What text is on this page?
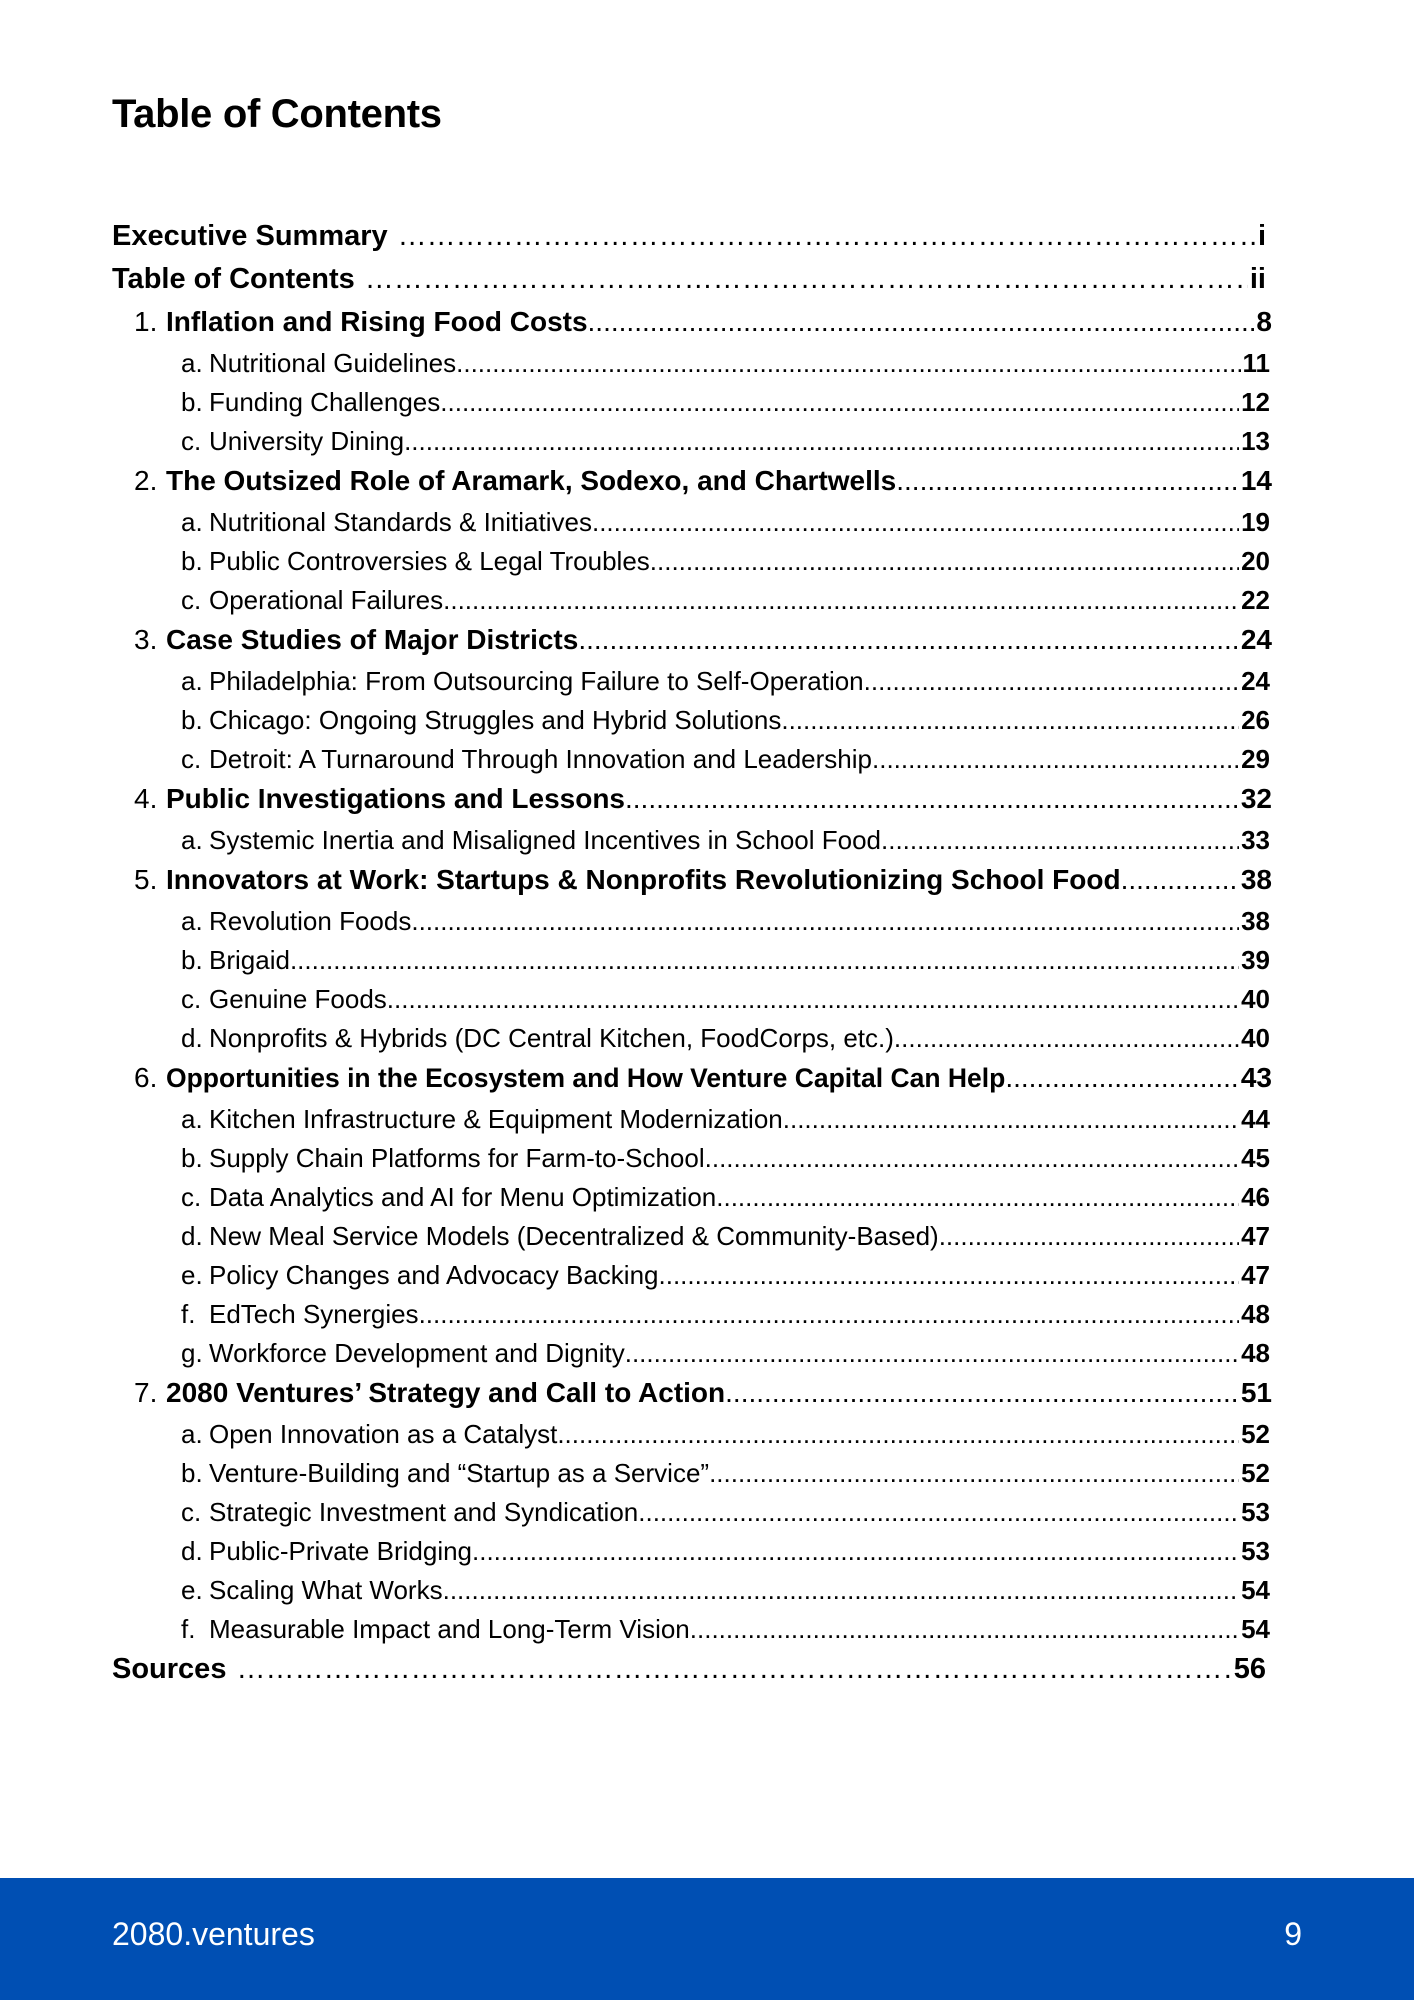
Table of Contents
Executive Summary ……………………………………………………………………………………………………………………………………………………………………………	i
Table of Contents ……………………………………………………………………………………………………………………………………………………………………………	ii
1. Inflation and Rising Food Costs .....	8
a. Nutritional Guidelines .....	11
b. Funding Challenges .....	12
c. University Dining .....	13
2. The Outsized Role of Aramark, Sodexo, and Chartwells .....	14
a. Nutritional Standards & Initiatives .....	19
b. Public Controversies & Legal Troubles .....	20
c. Operational Failures .....	22
3. Case Studies of Major Districts .....	24
a. Philadelphia: From Outsourcing Failure to Self-Operation .....	24
b. Chicago: Ongoing Struggles and Hybrid Solutions .....	26
c. Detroit: A Turnaround Through Innovation and Leadership .....	29
4. Public Investigations and Lessons .....	32
a. Systemic Inertia and Misaligned Incentives in School Food .....	33
5. Innovators at Work: Startups & Nonprofits Revolutionizing School Food .....	38
a. Revolution Foods .....	38
b. Brigaid .....	39
c. Genuine Foods .....	40
d. Nonprofits & Hybrids (DC Central Kitchen, FoodCorps, etc.) .....	40
6. Opportunities in the Ecosystem and How Venture Capital Can Help .....	43
a. Kitchen Infrastructure & Equipment Modernization .....	44
b. Supply Chain Platforms for Farm-to-School .....	45
c. Data Analytics and AI for Menu Optimization .....	46
d. New Meal Service Models (Decentralized & Community-Based) .....	47
e. Policy Changes and Advocacy Backing .....	47
f. EdTech Synergies .....	48
g. Workforce Development and Dignity .....	48
7. 2080 Ventures’ Strategy and Call to Action .....	51
a. Open Innovation as a Catalyst .....	52
b. Venture-Building and “Startup as a Service” .....	52
c. Strategic Investment and Syndication .....	53
d. Public-Private Bridging .....	53
e. Scaling What Works .....	54
f. Measurable Impact and Long-Term Vision .....	54
Sources ……………………………………………………………………………………………………………………………………………………………………………	56
2080.ventures	9
